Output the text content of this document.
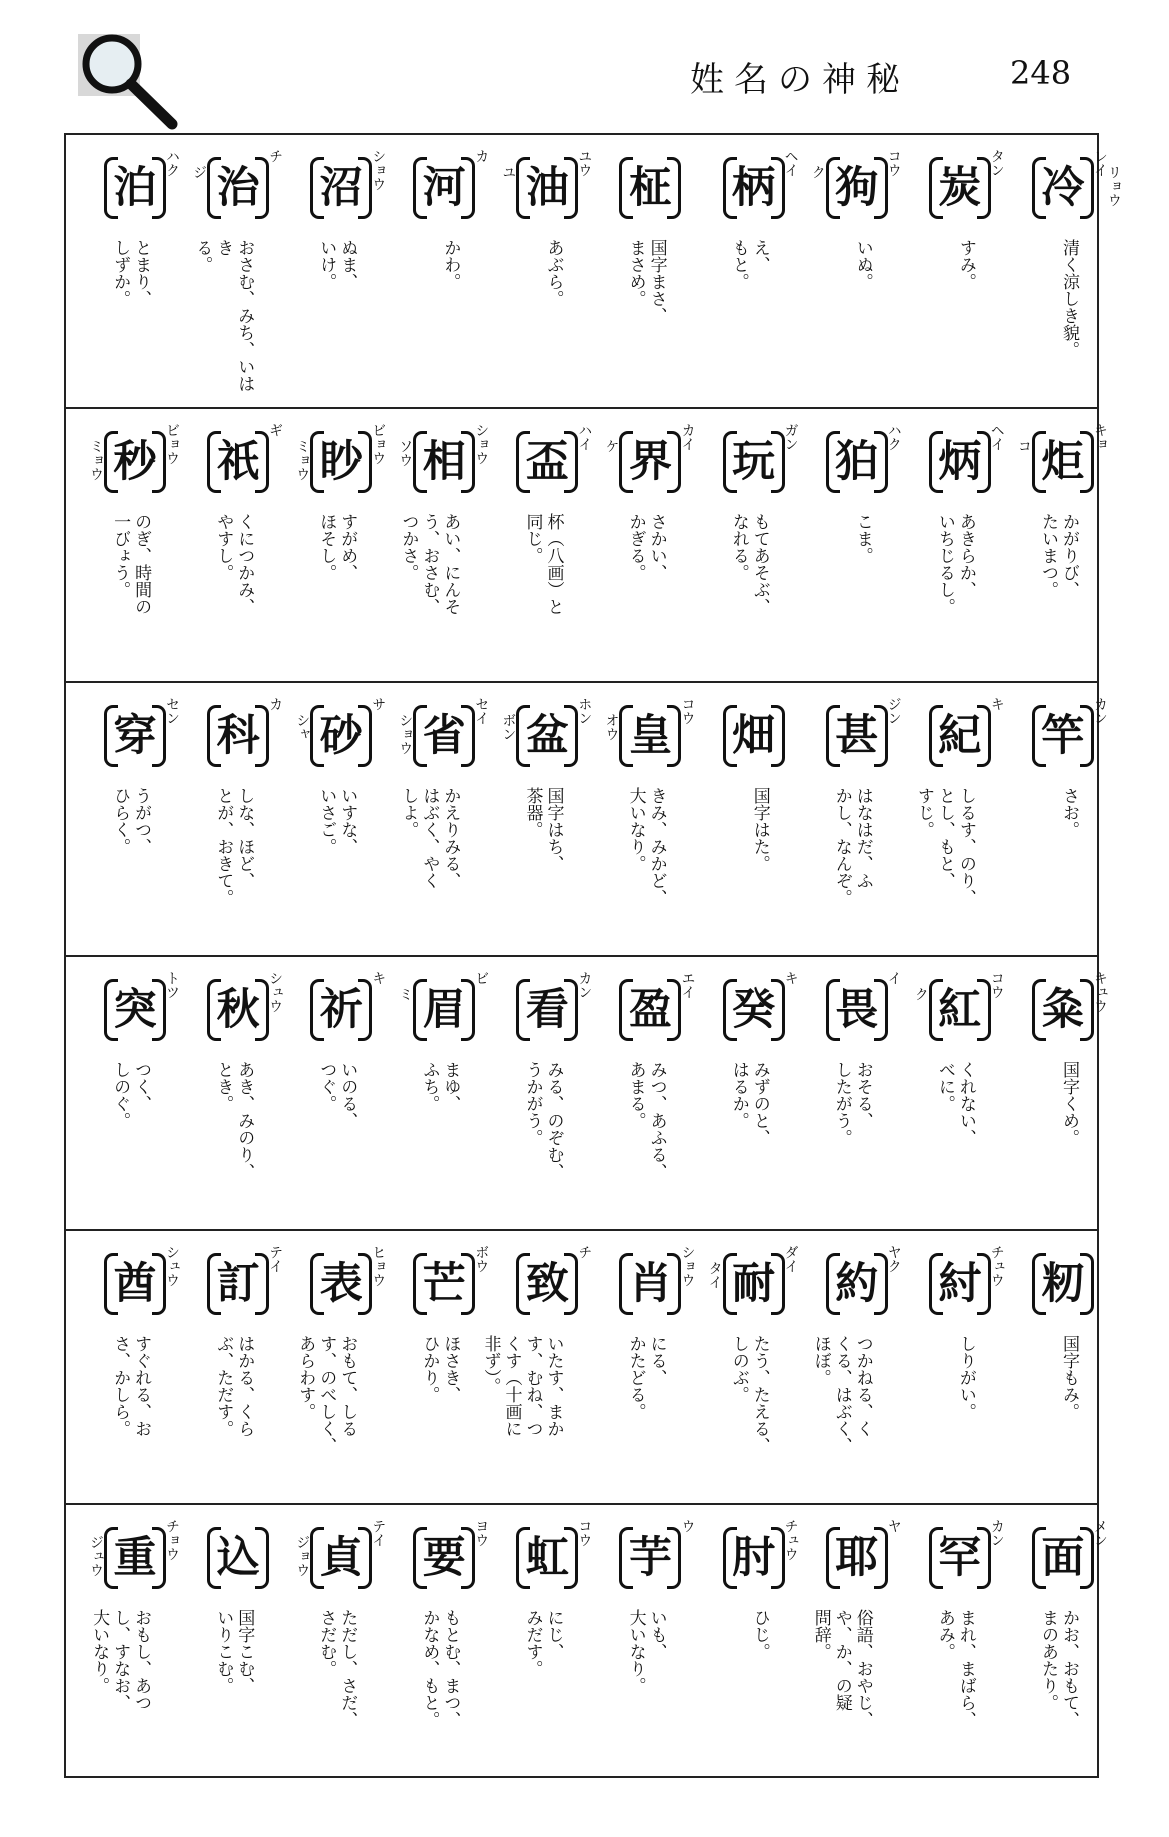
姓名の神秘	248
泊 ハク
とまり、
しずか。
治
チ
ジ
おさむ、みち、いはき
る。
沼 ショウ
ぬま、
いけ。
河
カ
かわ。
油 ユウ
ユ
あぶら。
柾
国字まさ、
まさめ。
柄 ヘイ
え、
もと。
狗 コウ
ク
いぬ。
炭 タン
すみ。
冷 レイ
リョウ
清く涼しき貌。
秒 ビョウ
ミョウ
のぎ、時間の
一びょう。
祇
ギ
くにつかみ、
やすし。
眇 ビョウ
ミョウ
すがめ、
ほそし。
相 ショウ
ソウ
あい、にんそ
う、おさむ、
つかさ。
盃 ハイ
杯（八画）と
同じ。
界 カイ
ケ
さかい、
かぎる。
玩 ガン
もてあそぶ、
なれる。
狛 ハク
こま。
炳 ヘイ
あきらか、
いちじるし。
炬 キョ
コ
かがりび、
たいまつ。
穿 セン
うがつ、
ひらく。
科
カ
しな、ほど、
とが、おきて。
砂
サ
シャ
いすな、
いさご。
省 セイ
ショウ
かえりみる、
はぶく、やく
しよ。
盆 ホン
ボン
国字はち、
茶器。
皇 コウ
オウ
きみ、みかど、
大いなり。
畑
国字はた。
甚 ジン
はなはだ、ふ
かし、なんぞ。
紀
キ
しるす、のり、
とし、もと、
すじ。
竿 カン
さお。
突 トツ
つく、
しのぐ。
秋 シュウ
あき、みのり、
とき。
祈
キ
いのる、
つぐ。
眉
ビ
ミ
まゆ、
ふち。
看 カン
みる、のぞむ、
うかがう。
盈 エイ
みつ、あふる、
あまる。
癸
キ
みずのと、
はるか。
畏
イ
おそる、
したがう。
紅 コウ
ク
くれない、
べに。
粂 キュウ
国字くめ。
酋 シュウ
すぐれる、お
さ、かしら。
訂 テイ
はかる、くら
ぶ、ただす。
表 ヒョウ
おもて、しる
す、のべしく、
あらわす。
芒 ボウ
ほさき、
ひかり。
致
チ
いたす、まか
す、むね、つ
くす（十画に
非ず）。
肖 ショウ
にる、
かたどる。
耐 ダイ
タイ
たう、たえる、
しのぶ。
約 ヤク
つかねる、く
くる、はぶく、
ほぼ。
紂 チュウ
しりがい。
籾
国字もみ。
重 チョウ
ジュウ
おもし、あつ
し、すなお、
大いなり。
込
国字こむ、
いりこむ。
貞 テイ
ジョウ
ただし、さだ、
さだむ。
要 ヨウ
もとむ、まつ、
かなめ、もと。
虹 コウ
にじ、
みだす。
芋
ウ
いも、
大いなり。
肘 チュウ
ひじ。
耶
ヤ
俗語、おやじ、
や、か、の疑
問辞。
罕 カン
まれ、まばら、
あみ。
面 メン
かお、おもて、
まのあたり。
